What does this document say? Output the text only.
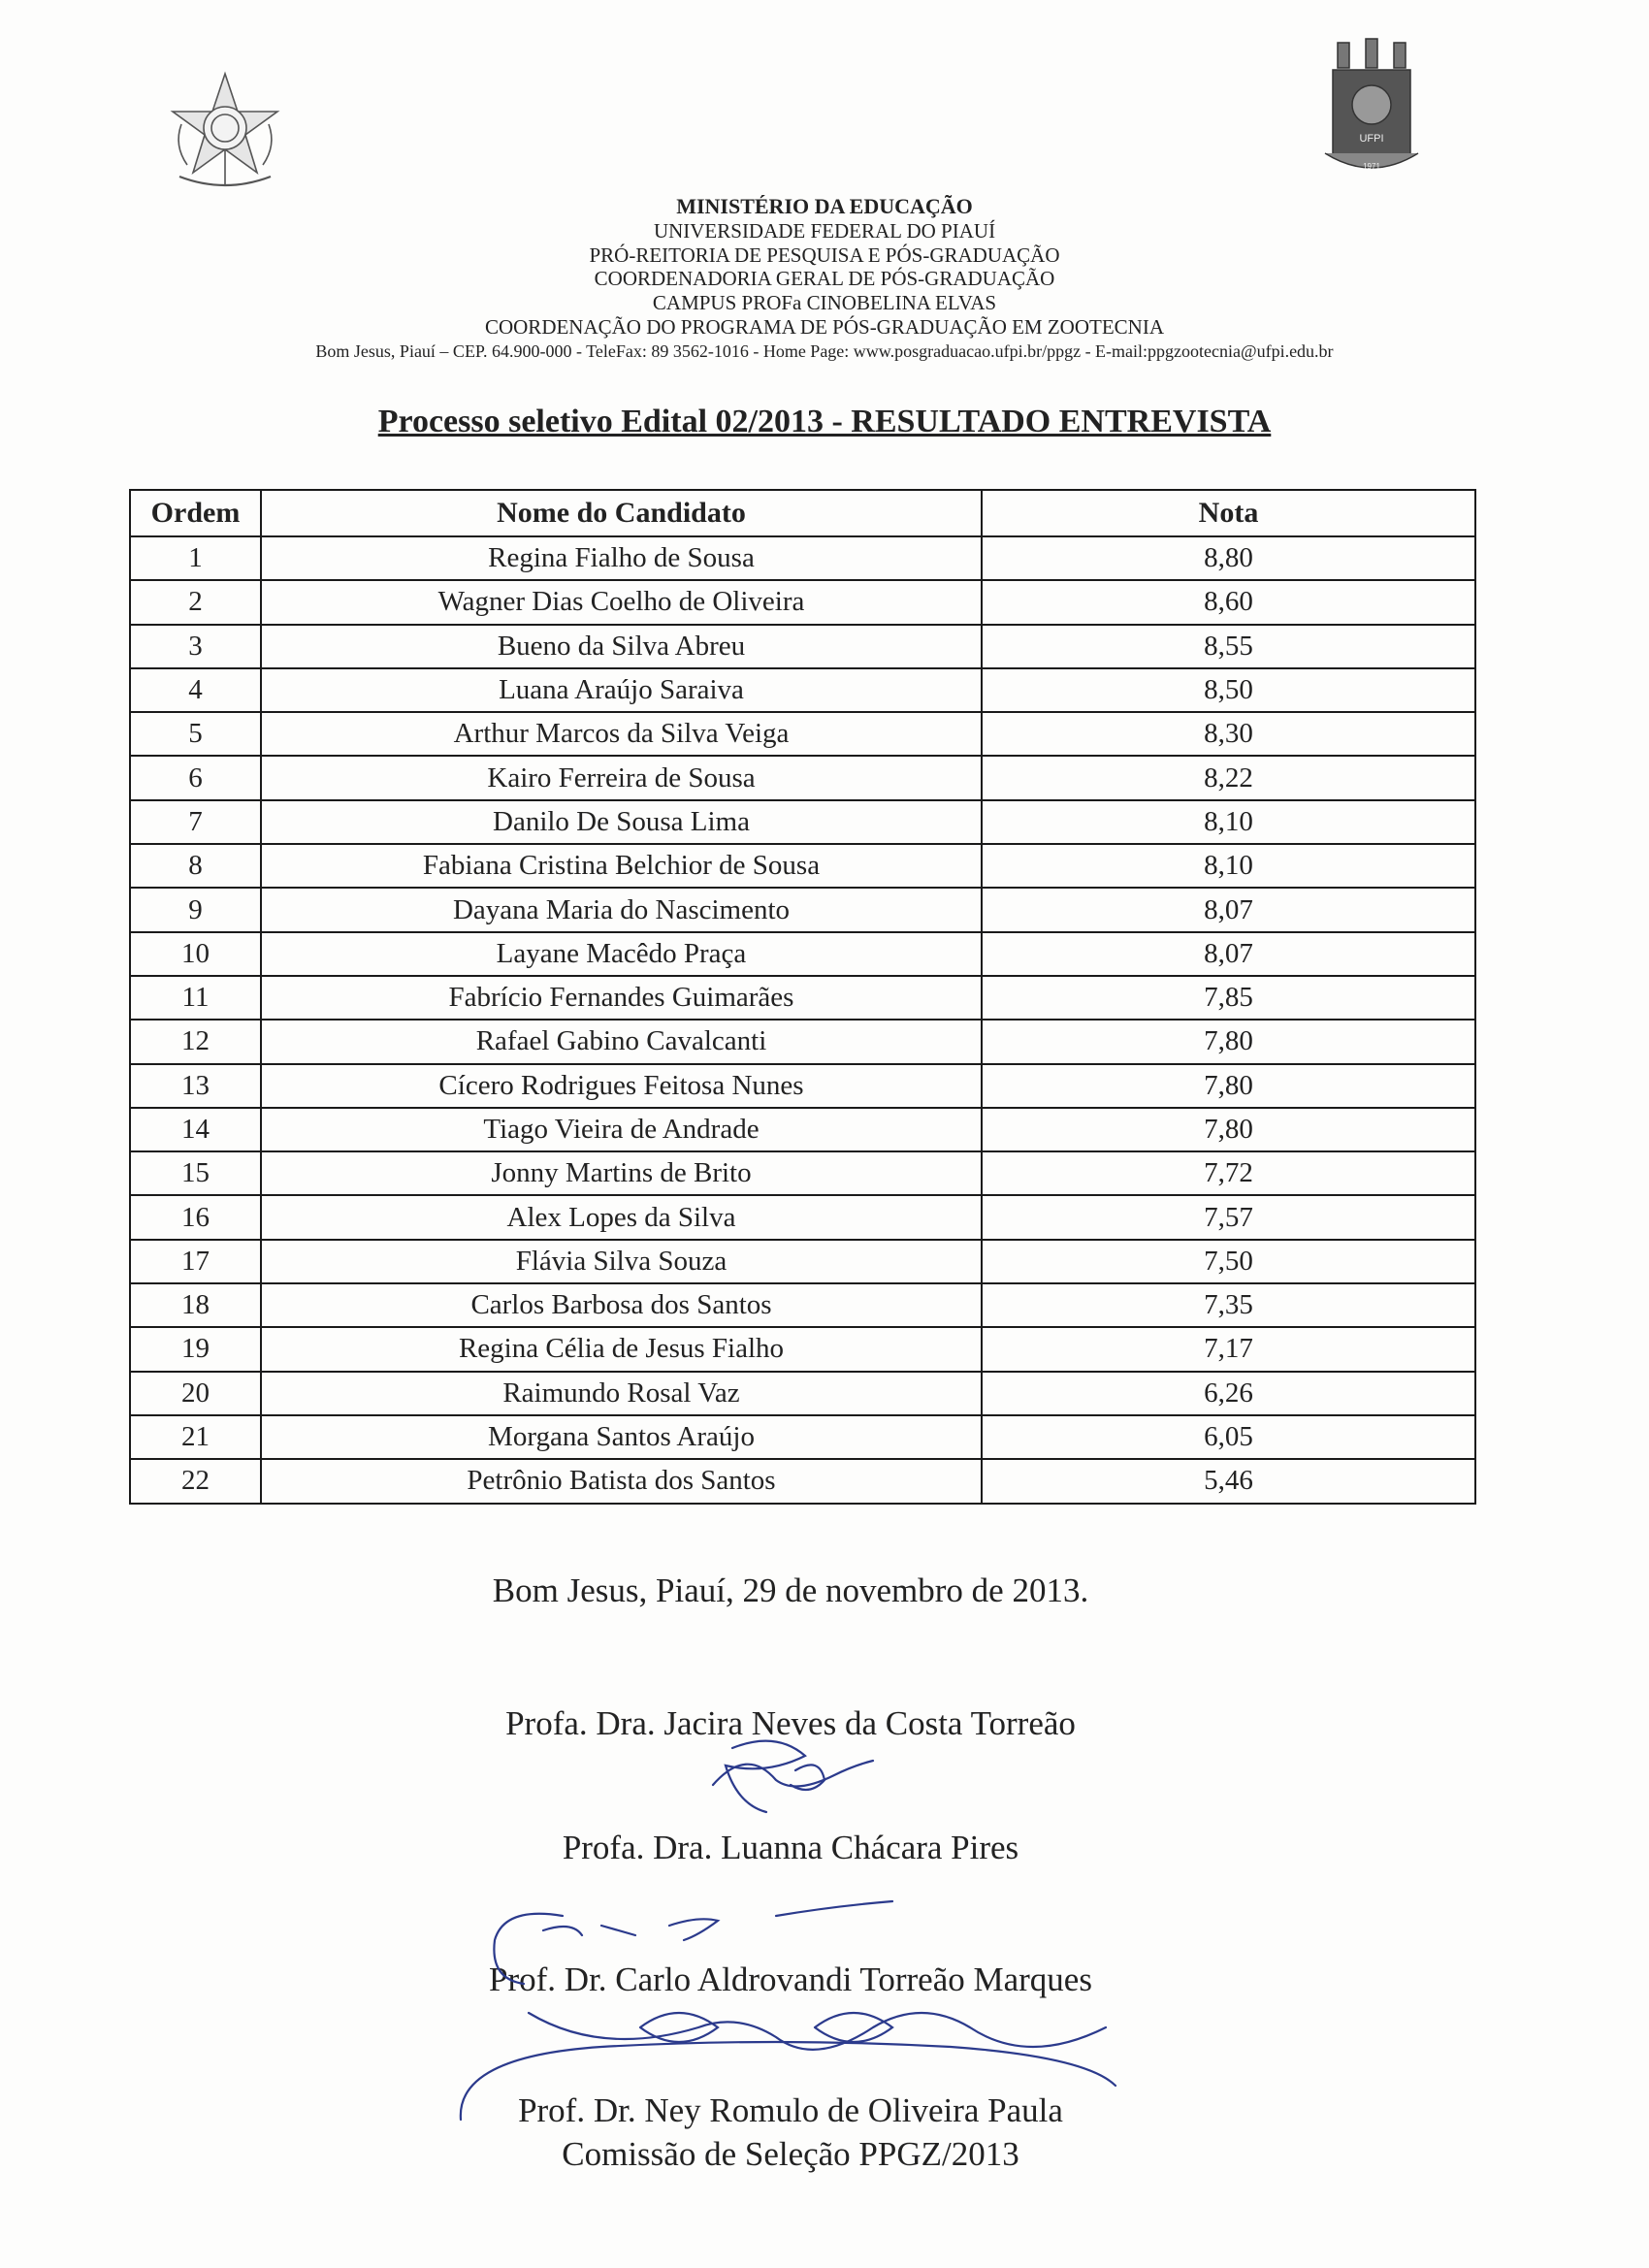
UFPI
1971
MINISTÉRIO DA EDUCAÇÃO
UNIVERSIDADE FEDERAL DO PIAUÍ
PRÓ-REITORIA DE PESQUISA E PÓS-GRADUAÇÃO
COORDENADORIA GERAL DE PÓS-GRADUAÇÃO
CAMPUS PROFa CINOBELINA ELVAS
COORDENAÇÃO DO PROGRAMA DE PÓS-GRADUAÇÃO EM ZOOTECNIA
Bom Jesus, Piauí – CEP. 64.900-000 - TeleFax: 89 3562-1016 - Home Page: www.posgraduacao.ufpi.br/ppgz - E-mail:ppgzootecnia@ufpi.edu.br
Processo seletivo Edital 02/2013 - RESULTADO ENTREVISTA
Ordem	Nome do Candidato	Nota
1	Regina Fialho de Sousa	8,80
2	Wagner Dias Coelho de Oliveira	8,60
3	Bueno da Silva Abreu	8,55
4	Luana Araújo Saraiva	8,50
5	Arthur Marcos da Silva Veiga	8,30
6	Kairo Ferreira de Sousa	8,22
7	Danilo De Sousa Lima	8,10
8	Fabiana Cristina Belchior de Sousa	8,10
9	Dayana Maria do Nascimento	8,07
10	Layane Macêdo Praça	8,07
11	Fabrício Fernandes Guimarães	7,85
12	Rafael Gabino Cavalcanti	7,80
13	Cícero Rodrigues Feitosa Nunes	7,80
14	Tiago Vieira de Andrade	7,80
15	Jonny Martins de Brito	7,72
16	Alex Lopes da Silva	7,57
17	Flávia Silva Souza	7,50
18	Carlos Barbosa dos Santos	7,35
19	Regina Célia de Jesus Fialho	7,17
20	Raimundo Rosal Vaz	6,26
21	Morgana Santos Araújo	6,05
22	Petrônio Batista dos Santos	5,46
Bom Jesus, Piauí, 29 de novembro de 2013.
Profa. Dra. Jacira Neves da Costa Torreão
Profa. Dra. Luanna Chácara Pires
Prof. Dr. Carlo Aldrovandi Torreão Marques
Prof. Dr. Ney Romulo de Oliveira Paula
Comissão de Seleção PPGZ/2013
